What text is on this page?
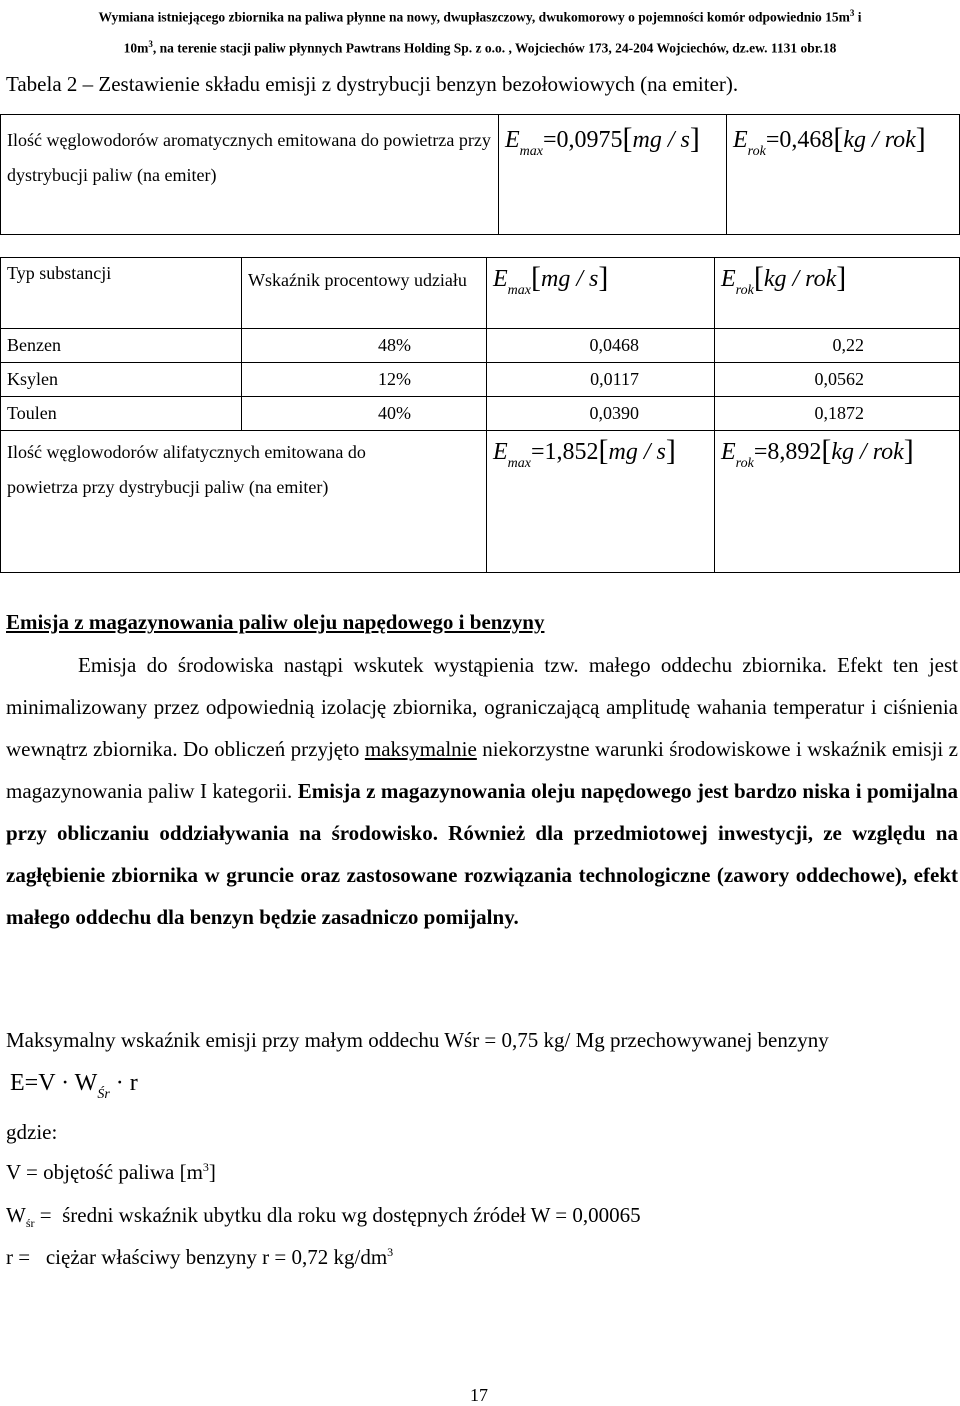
Wymiana istniejącego zbiornika na paliwa płynne na nowy, dwupłaszczowy, dwukomorowy o pojemności komór odpowiednio $15m^3$ i
$10m^3$, na terenie stacji paliw płynnych Pawtrans Holding Sp. z o.o. , Wojciechów 173, 24-204 Wojciechów, dz.ew. 1131 obr.18
Tabela 2 – Zestawienie składu emisji z dystrybucji benzyn bezołowiowych (na emiter).
Ilość węglowodorów aromatycznych emitowana do powietrza przy dystrybucji paliw (na emiter)	$E_{max}=0,0975[mg / s]$	$E_{rok}=0,468[kg / rok]$
Typ substancji	Wskaźnik procentowy udziału	$E_{max}[mg / s]$	$E_{rok}[kg / rok]$
Benzen	48%	0,0468	0,22
Ksylen	12%	0,0117	0,0562
Toulen	40%	0,0390	0,1872
Ilość węglowodorów alifatycznych emitowana do powietrza przy dystrybucji paliw (na emiter)		$E_{max}=1,852[mg / s]$	$E_{rok}=8,892[kg / rok]$
Emisja z magazynowania paliw oleju napędowego i benzyny
Emisja do środowiska nastąpi wskutek wystąpienia tzw. małego oddechu zbiornika. Efekt ten jest minimalizowany przez odpowiednią izolację zbiornika, ograniczającą amplitudę wahania temperatur i ciśnienia wewnątrz zbiornika. Do obliczeń przyjęto maksymalnie niekorzystne warunki środowiskowe i wskaźnik emisji z magazynowania paliw I kategorii. Emisja z magazynowania oleju napędowego jest bardzo niska i pomijalna przy obliczaniu oddziaływania na środowisko. Również dla przedmiotowej inwestycji, ze względu na zagłębienie zbiornika w gruncie oraz zastosowane rozwiązania technologiczne (zawory oddechowe), efekt małego oddechu dla benzyn będzie zasadniczo pomijalny.
Maksymalny wskaźnik emisji przy małym oddechu Wśr = 0,75 kg/ Mg przechowywanej benzyny
$E=V \cdot W_{Śr} \cdot r$
gdzie:
V = objętość paliwa $[m^3]$
$W_{śr}$ =  średni wskaźnik ubytku dla roku wg dostępnych źródeł W = 0,00065
r =   ciężar właściwy benzyny r = 0,72 $kg/dm^3$
17
